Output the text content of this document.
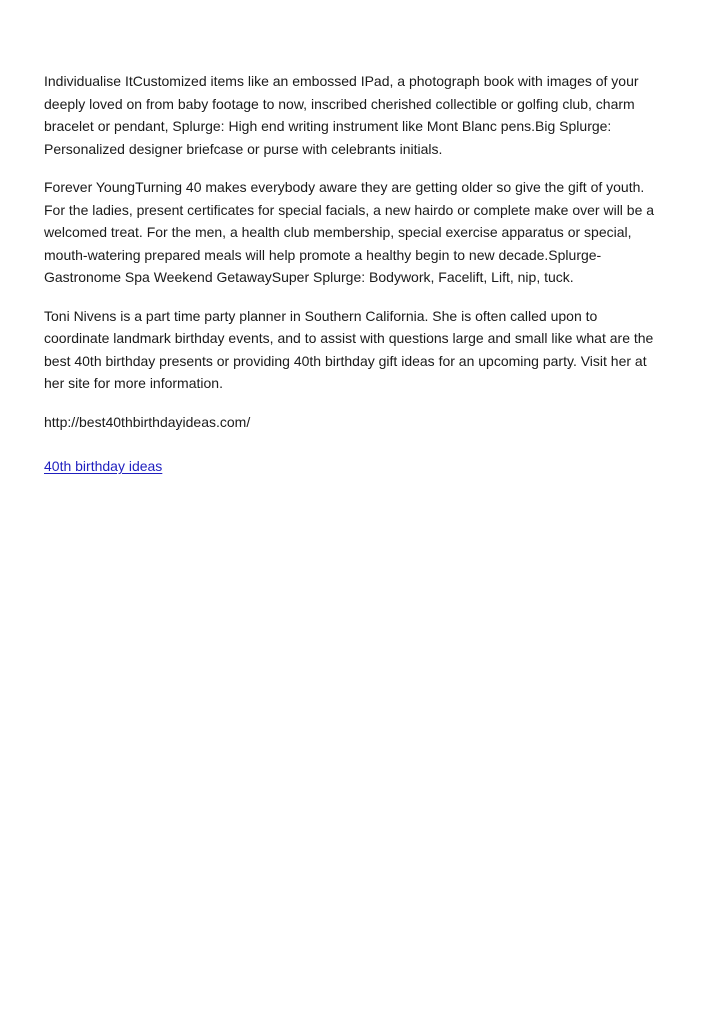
Individualise ItCustomized items like an embossed IPad, a photograph book with images of your
deeply loved on from baby footage to now, inscribed cherished collectible or golfing club, charm
bracelet or pendant, Splurge: High end writing instrument like Mont Blanc pens.Big Splurge:
Personalized designer briefcase or purse with celebrants initials.

Forever YoungTurning 40 makes everybody aware they are getting older so give the gift of youth.
For the ladies, present certificates for special facials, a new hairdo or complete make over will be a
welcomed treat. For the men, a health club membership, special exercise apparatus or special,
mouth-watering prepared meals will help promote a healthy begin to new decade.Splurge-
Gastronome Spa Weekend GetawaySuper Splurge: Bodywork, Facelift, Lift, nip, tuck.

Toni Nivens is a part time party planner in Southern California. She is often called upon to
coordinate landmark birthday events, and to assist with questions large and small like what are the
best 40th birthday presents or providing 40th birthday gift ideas for an upcoming party. Visit her at
her site for more information.

http://best40thbirthdayideas.com/

40th birthday ideas
